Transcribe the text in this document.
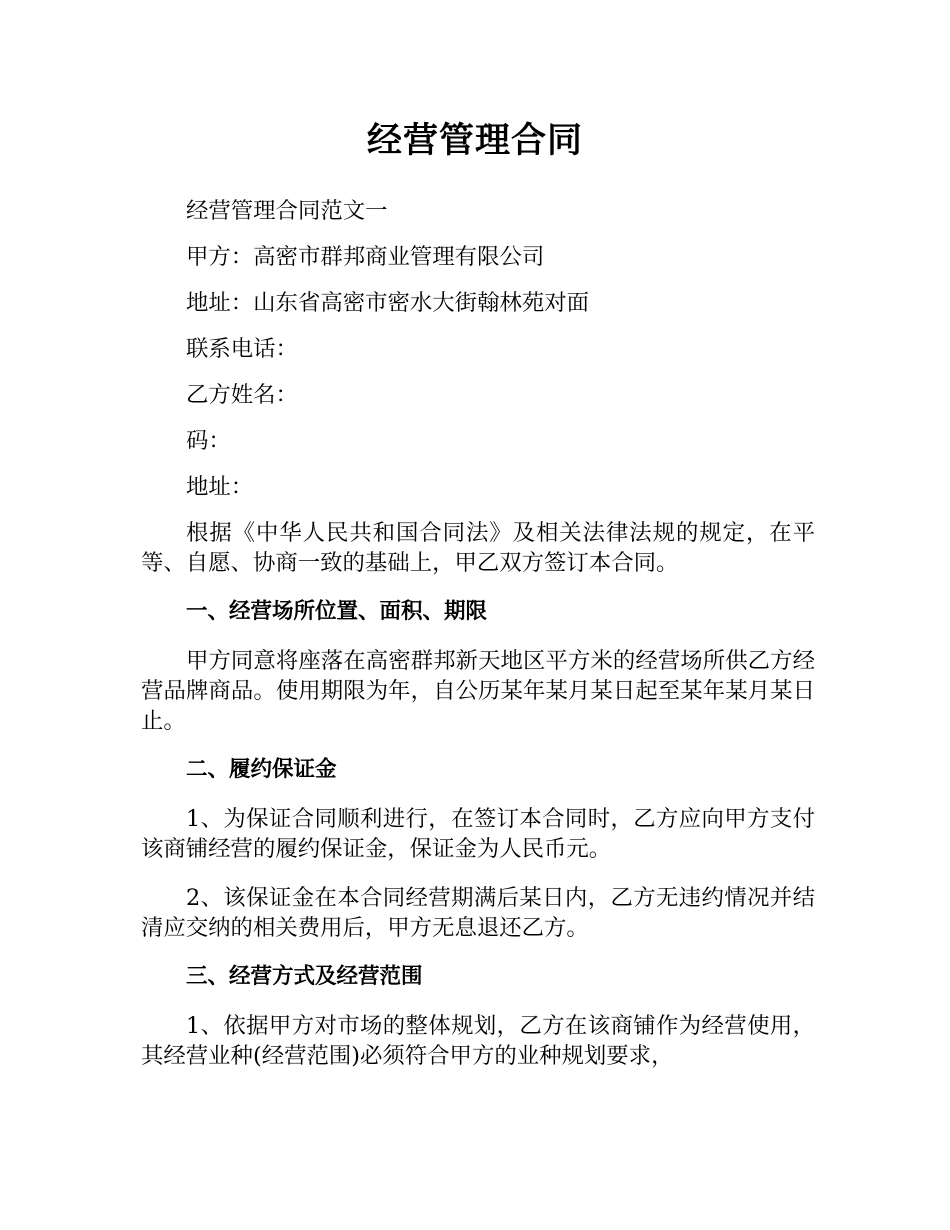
经营管理合同

经营管理合同范文一

甲方：高密市群邦商业管理有限公司

地址：山东省高密市密水大街翰林苑对面

联系电话：

乙方姓名：

码：

地址：

根据《中华人民共和国合同法》及相关法律法规的规定，在平等、自愿、协商一致的基础上，甲乙双方签订本合同。

一、经营场所位置、面积、期限

甲方同意将座落在高密群邦新天地区平方米的经营场所供乙方经营品牌商品。使用期限为年，自公历某年某月某日起至某年某月某日止。

二、履约保证金

1、为保证合同顺利进行，在签订本合同时，乙方应向甲方支付该商铺经营的履约保证金，保证金为人民币元。

2、该保证金在本合同经营期满后某日内，乙方无违约情况并结清应交纳的相关费用后，甲方无息退还乙方。

三、经营方式及经营范围

1、依据甲方对市场的整体规划，乙方在该商铺作为经营使用，其经营业种(经营范围)必须符合甲方的业种规划要求，
